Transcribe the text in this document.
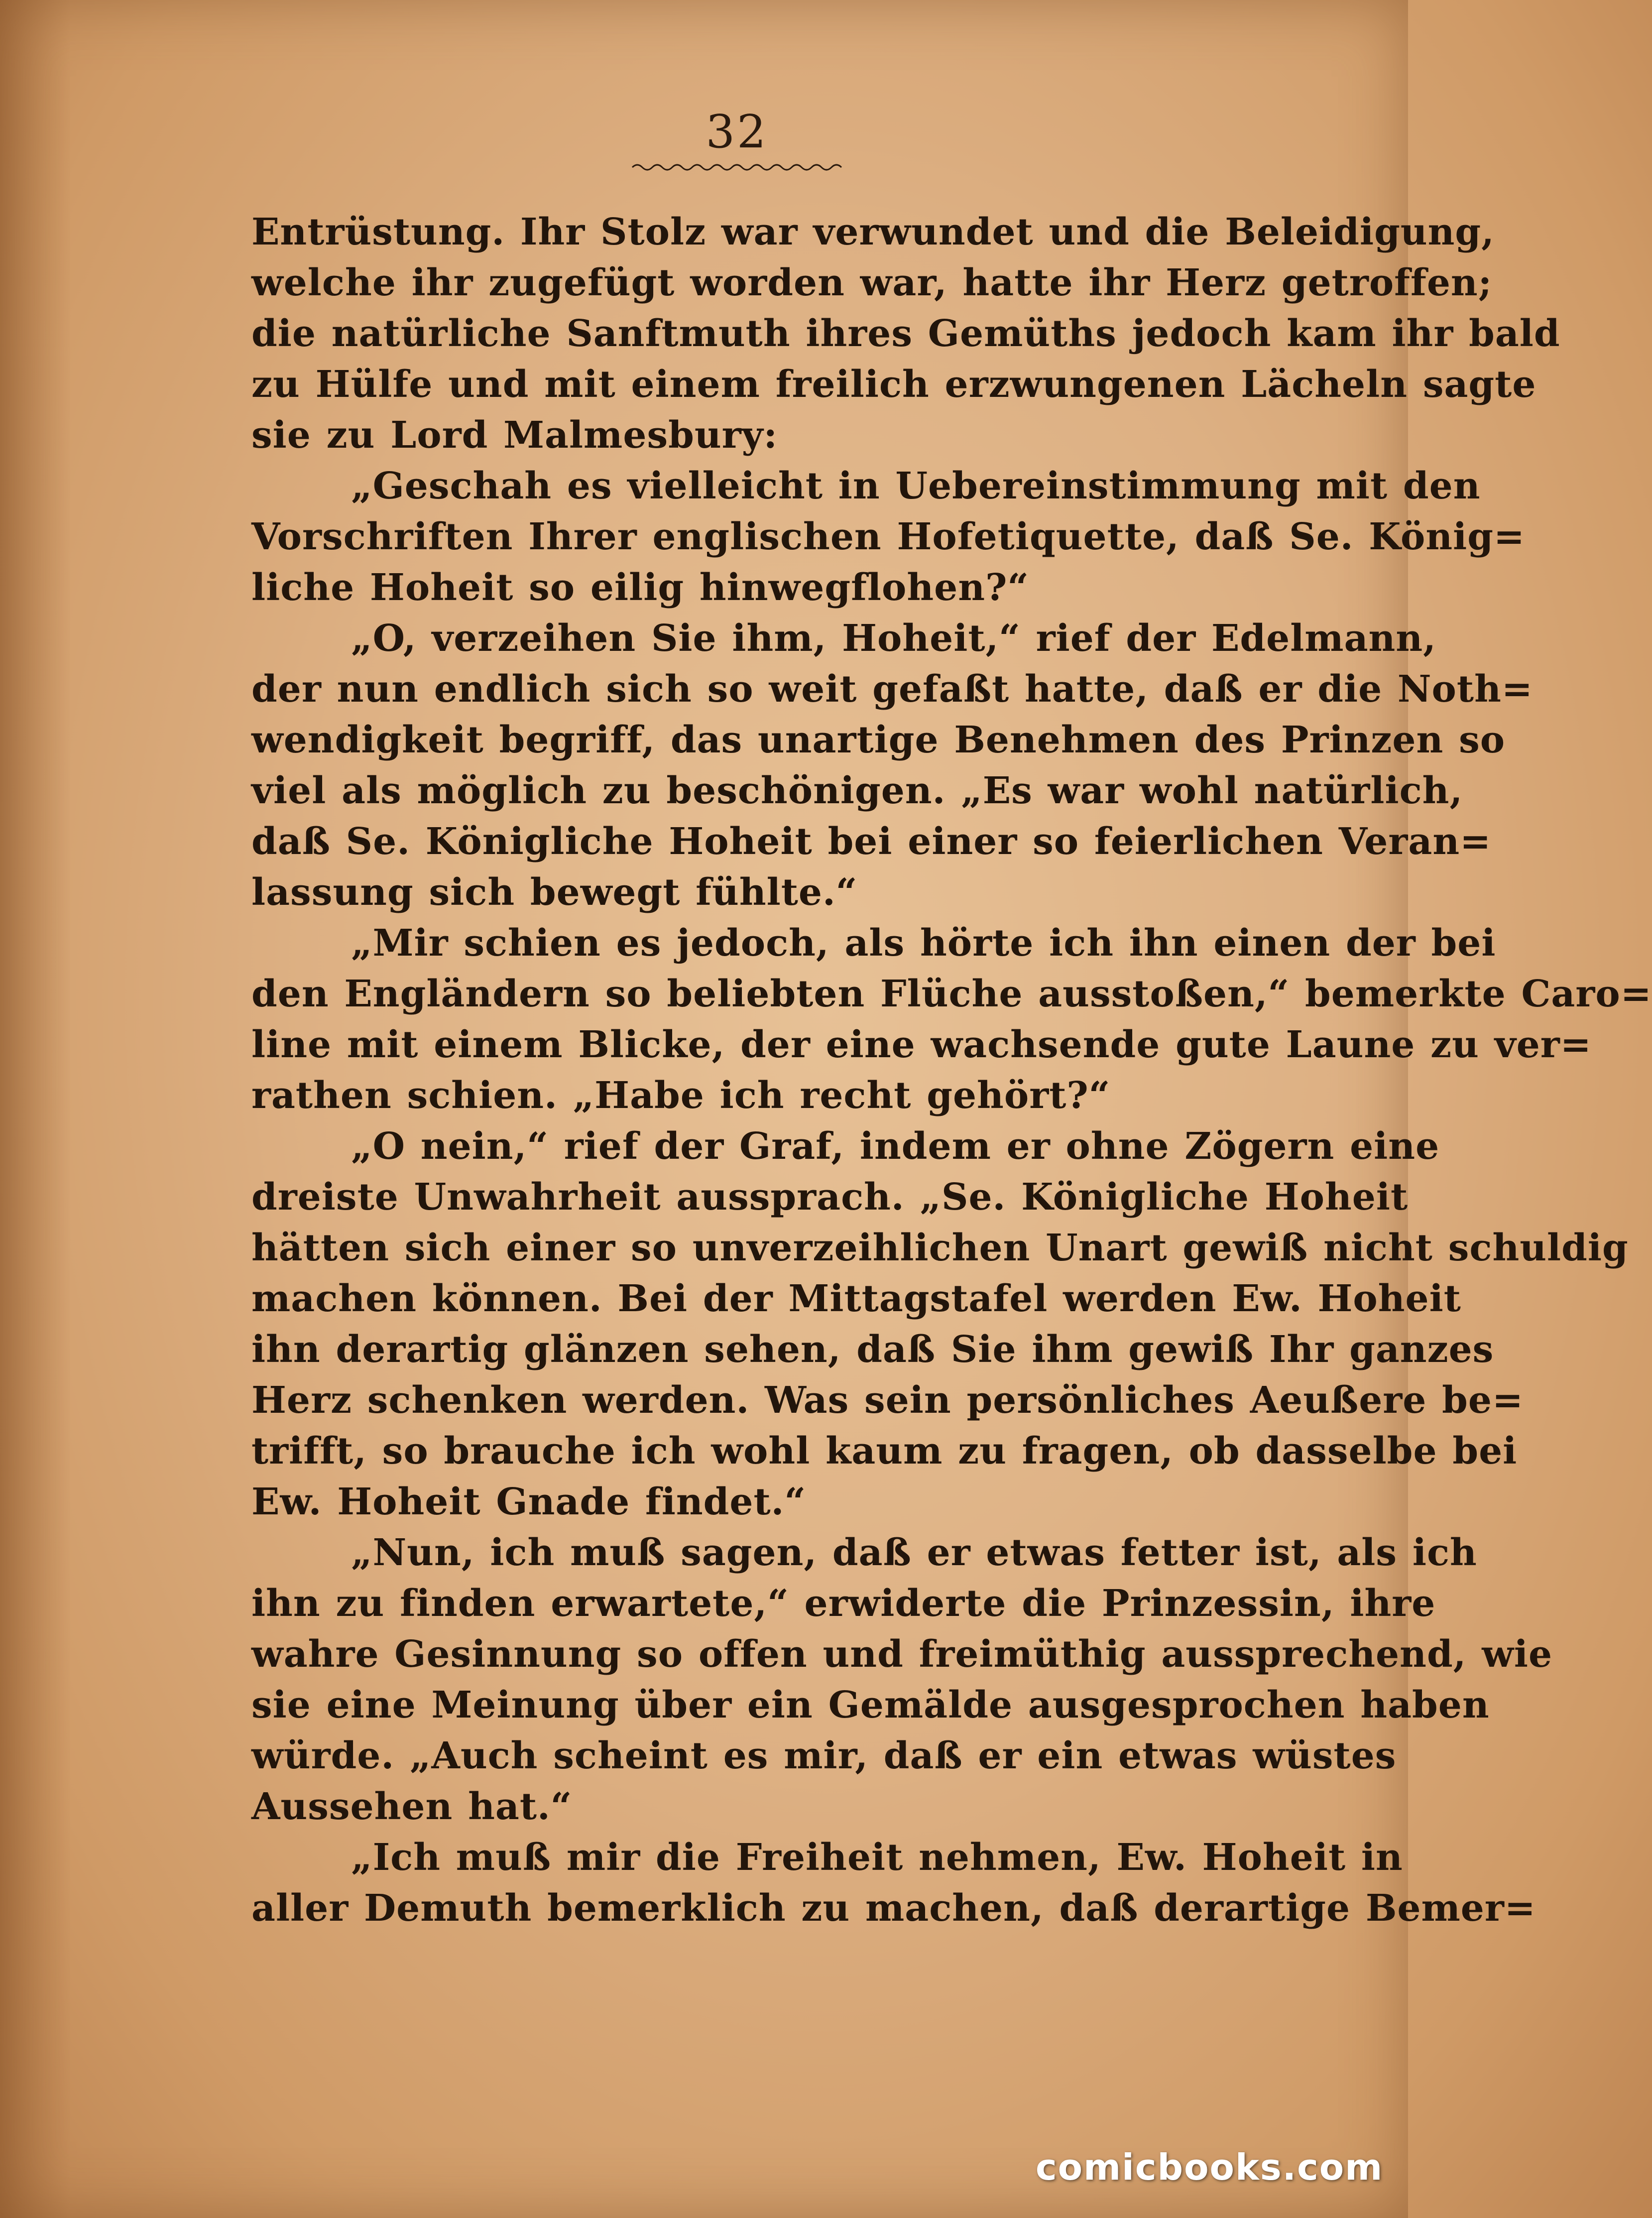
32
Entrüstung. Ihr Stolz war verwundet und die Beleidigung,
welche ihr zugefügt worden war, hatte ihr Herz getroffen;
die natürliche Sanftmuth ihres Gemüths jedoch kam ihr bald
zu Hülfe und mit einem freilich erzwungenen Lächeln sagte
sie zu Lord Malmesbury:
„Geschah es vielleicht in Uebereinstimmung mit den
Vorschriften Ihrer englischen Hofetiquette, daß Se. König=
liche Hoheit so eilig hinwegflohen?“
„O, verzeihen Sie ihm, Hoheit,“ rief der Edelmann,
der nun endlich sich so weit gefaßt hatte, daß er die Noth=
wendigkeit begriff, das unartige Benehmen des Prinzen so
viel als möglich zu beschönigen. „Es war wohl natürlich,
daß Se. Königliche Hoheit bei einer so feierlichen Veran=
lassung sich bewegt fühlte.“
„Mir schien es jedoch, als hörte ich ihn einen der bei
den Engländern so beliebten Flüche ausstoßen,“ bemerkte Caro=
line mit einem Blicke, der eine wachsende gute Laune zu ver=
rathen schien. „Habe ich recht gehört?“
„O nein,“ rief der Graf, indem er ohne Zögern eine
dreiste Unwahrheit aussprach. „Se. Königliche Hoheit
hätten sich einer so unverzeihlichen Unart gewiß nicht schuldig
machen können. Bei der Mittagstafel werden Ew. Hoheit
ihn derartig glänzen sehen, daß Sie ihm gewiß Ihr ganzes
Herz schenken werden. Was sein persönliches Aeußere be=
trifft, so brauche ich wohl kaum zu fragen, ob dasselbe bei
Ew. Hoheit Gnade findet.“
„Nun, ich muß sagen, daß er etwas fetter ist, als ich
ihn zu finden erwartete,“ erwiderte die Prinzessin, ihre
wahre Gesinnung so offen und freimüthig aussprechend, wie
sie eine Meinung über ein Gemälde ausgesprochen haben
würde. „Auch scheint es mir, daß er ein etwas wüstes
Aussehen hat.“
„Ich muß mir die Freiheit nehmen, Ew. Hoheit in
aller Demuth bemerklich zu machen, daß derartige Bemer=
comicbooks.com
